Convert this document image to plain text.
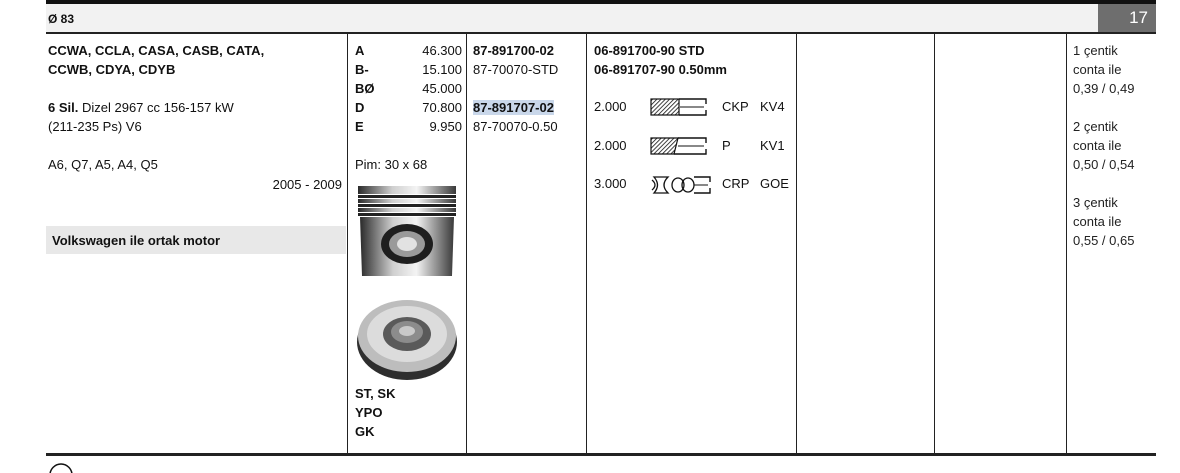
Ø 83	17
CCWA, CCLA, CASA, CASB, CATA,
CCWB, CDYA, CDYB
6 Sil. Dizel 2967 cc 156-157 kW
(211-235 Ps) V6
A6, Q7, A5, A4, Q5
2005 - 2009
Volkswagen ile ortak motor
A	46.300
B-	15.100
BØ	45.000
D	70.800
E	9.950
Pim: 30 x 68
ST, SK
YPO
GK
87-891700-02
87-70070-STD
87-891707-02
87-70070-0.50
06-891700-90 STD
06-891707-90 0.50mm
2.000	CKP KV4
2.000	P KV1
3.000	CRP GOE
1 çentik
conta ile
0,39 / 0,49
2 çentik
conta ile
0,50 / 0,54
3 çentik
conta ile
0,55 / 0,65
